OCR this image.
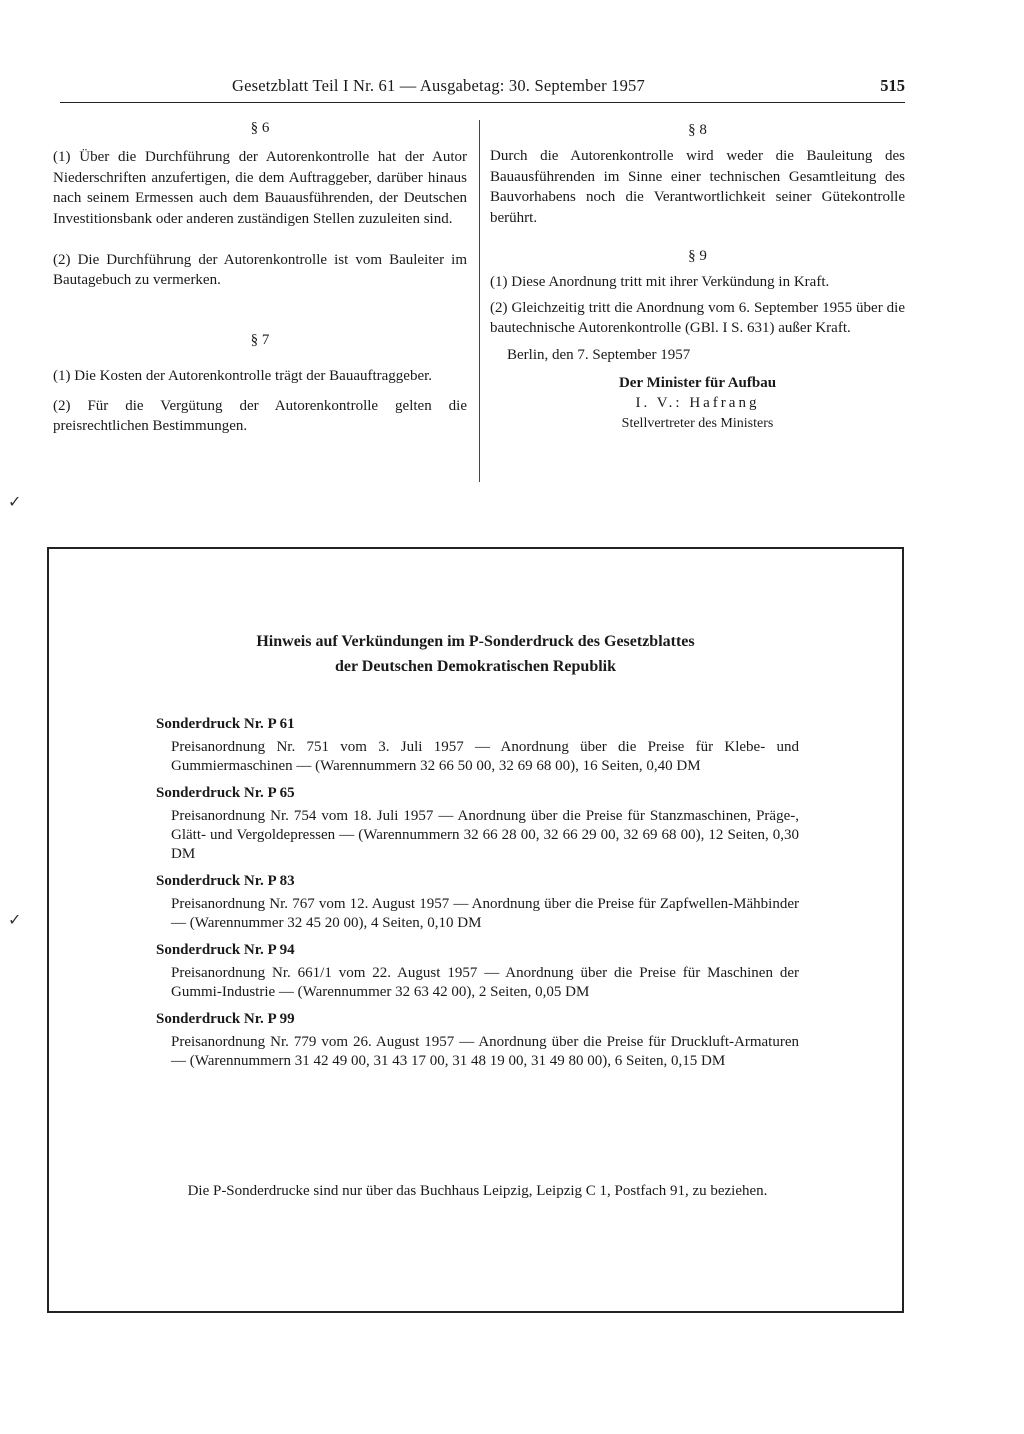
Gesetzblatt Teil I Nr. 61 — Ausgabetag: 30. September 1957	515

§ 6

(1) Über die Durchführung der Autorenkontrolle hat der Autor Niederschriften anzufertigen, die dem Auftraggeber, darüber hinaus nach seinem Ermessen auch dem Bauausführenden, der Deutschen Investitionsbank oder anderen zuständigen Stellen zuzuleiten sind.

(2) Die Durchführung der Autorenkontrolle ist vom Bauleiter im Bautagebuch zu vermerken.

§ 7

(1) Die Kosten der Autorenkontrolle trägt der Bauauftraggeber.

(2) Für die Vergütung der Autorenkontrolle gelten die preisrechtlichen Bestimmungen.

§ 8

Durch die Autorenkontrolle wird weder die Bauleitung des Bauausführenden im Sinne einer technischen Gesamtleitung des Bauvorhabens noch die Verantwortlichkeit seiner Gütekontrolle berührt.

§ 9

(1) Diese Anordnung tritt mit ihrer Verkündung in Kraft.

(2) Gleichzeitig tritt die Anordnung vom 6. September 1955 über die bautechnische Autorenkontrolle (GBl. I S. 631) außer Kraft.

Berlin, den 7. September 1957

Der Minister für Aufbau
I. V.: Hafrang
Stellvertreter des Ministers
Hinweis auf Verkündungen im P-Sonderdruck des Gesetzblattes
der Deutschen Demokratischen Republik
Sonderdruck Nr. P 61
Preisanordnung Nr. 751 vom 3. Juli 1957 — Anordnung über die Preise für Klebe- und Gummiermaschinen — (Warennummern 32 66 50 00, 32 69 68 00), 16 Seiten, 0,40 DM
Sonderdruck Nr. P 65
Preisanordnung Nr. 754 vom 18. Juli 1957 — Anordnung über die Preise für Stanzmaschinen, Präge-, Glätt- und Vergoldepressen — (Warennummern 32 66 28 00, 32 66 29 00, 32 69 68 00), 12 Seiten, 0,30 DM
Sonderdruck Nr. P 83
Preisanordnung Nr. 767 vom 12. August 1957 — Anordnung über die Preise für Zapfwellen-Mähbinder — (Warennummer 32 45 20 00), 4 Seiten, 0,10 DM
Sonderdruck Nr. P 94
Preisanordnung Nr. 661/1 vom 22. August 1957 — Anordnung über die Preise für Maschinen der Gummi-Industrie — (Warennummer 32 63 42 00), 2 Seiten, 0,05 DM
Sonderdruck Nr. P 99
Preisanordnung Nr. 779 vom 26. August 1957 — Anordnung über die Preise für Druckluft-Armaturen — (Warennummern 31 42 49 00, 31 43 17 00, 31 48 19 00, 31 49 80 00), 6 Seiten, 0,15 DM
Die P-Sonderdrucke sind nur über das Buchhaus Leipzig, Leipzig C 1, Postfach 91, zu beziehen.
✓
✓
